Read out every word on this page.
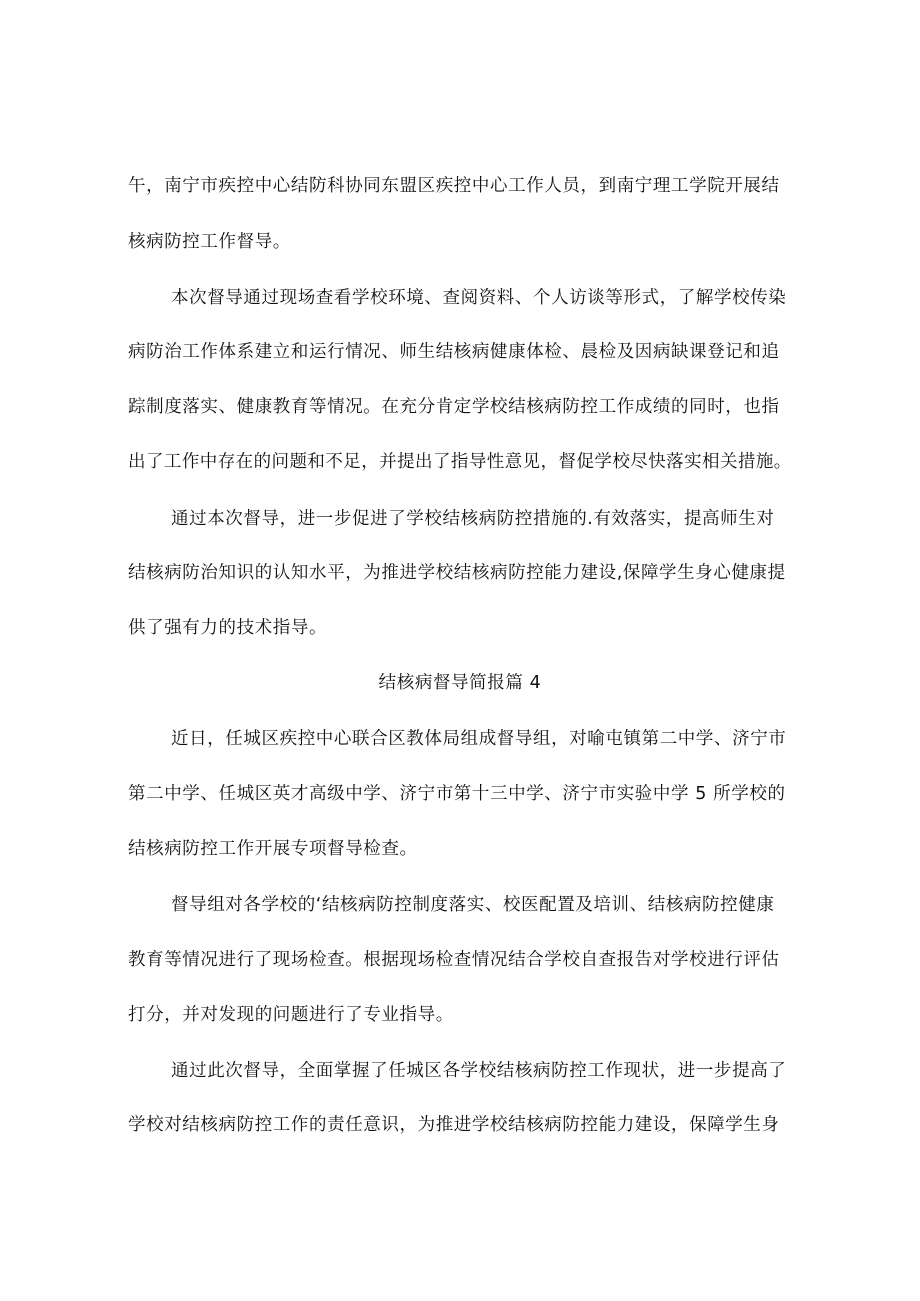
午，南宁市疾控中心结防科协同东盟区疾控中心工作人员，到南宁理工学院开展结
核病防控工作督导。
本次督导通过现场查看学校环境、查阅资料、个人访谈等形式，了解学校传染
病防治工作体系建立和运行情况、师生结核病健康体检、晨检及因病缺课登记和追
踪制度落实、健康教育等情况。在充分肯定学校结核病防控工作成绩的同时，也指
出了工作中存在的问题和不足，并提出了指导性意见，督促学校尽快落实相关措施。
通过本次督导，进一步促进了学校结核病防控措施的.有效落实，提高师生对
结核病防治知识的认知水平，为推进学校结核病防控能力建设,保障学生身心健康提
供了强有力的技术指导。
结核病督导简报篇 4
近日，任城区疾控中心联合区教体局组成督导组，对喻屯镇第二中学、济宁市
第二中学、任城区英才高级中学、济宁市第十三中学、济宁市实验中学 5 所学校的
结核病防控工作开展专项督导检查。
督导组对各学校的‘结核病防控制度落实、校医配置及培训、结核病防控健康
教育等情况进行了现场检查。根据现场检查情况结合学校自查报告对学校进行评估
打分，并对发现的问题进行了专业指导。
通过此次督导，全面掌握了任城区各学校结核病防控工作现状，进一步提高了
学校对结核病防控工作的责任意识，为推进学校结核病防控能力建设，保障学生身
